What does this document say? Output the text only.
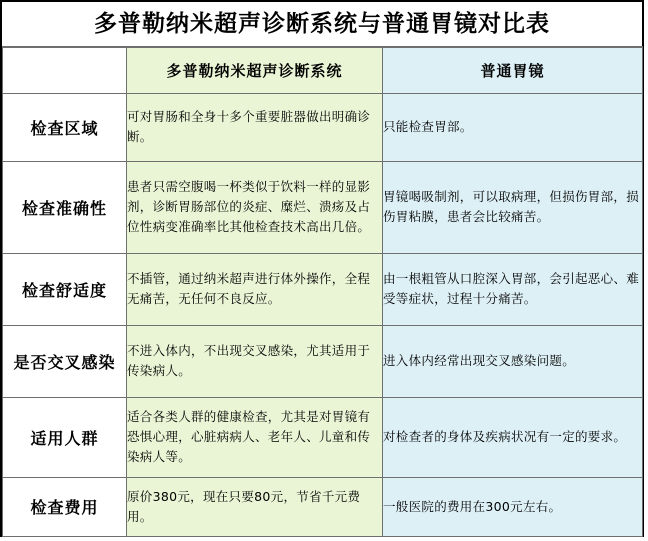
多普勒纳米超声诊断系统与普通胃镜对比表
	多普勒纳米超声诊断系统	普通胃镜
检查区域	可对胃肠和全身十多个重要脏器做出明确诊断。	只能检查胃部。
检查准确性	患者只需空腹喝一杯类似于饮料一样的显影剂，诊断胃肠部位的炎症、糜烂、溃疡及占位性病变准确率比其他检查技术高出几倍。	胃镜喝吸制剂，可以取病理，但损伤胃部，损伤胃粘膜，患者会比较痛苦。
检查舒适度	不插管，通过纳米超声进行体外操作，全程无痛苦，无任何不良反应。	由一根粗管从口腔深入胃部，会引起恶心、难受等症状，过程十分痛苦。
是否交叉感染	不进入体内，不出现交叉感染，尤其适用于传染病人。	进入体内经常出现交叉感染问题。
适用人群	适合各类人群的健康检查，尤其是对胃镜有恐惧心理，心脏病病人、老年人、儿童和传染病人等。	对检查者的身体及疾病状况有一定的要求。
检查费用	原价380元，现在只要80元，节省千元费用。	一般医院的费用在300元左右。
